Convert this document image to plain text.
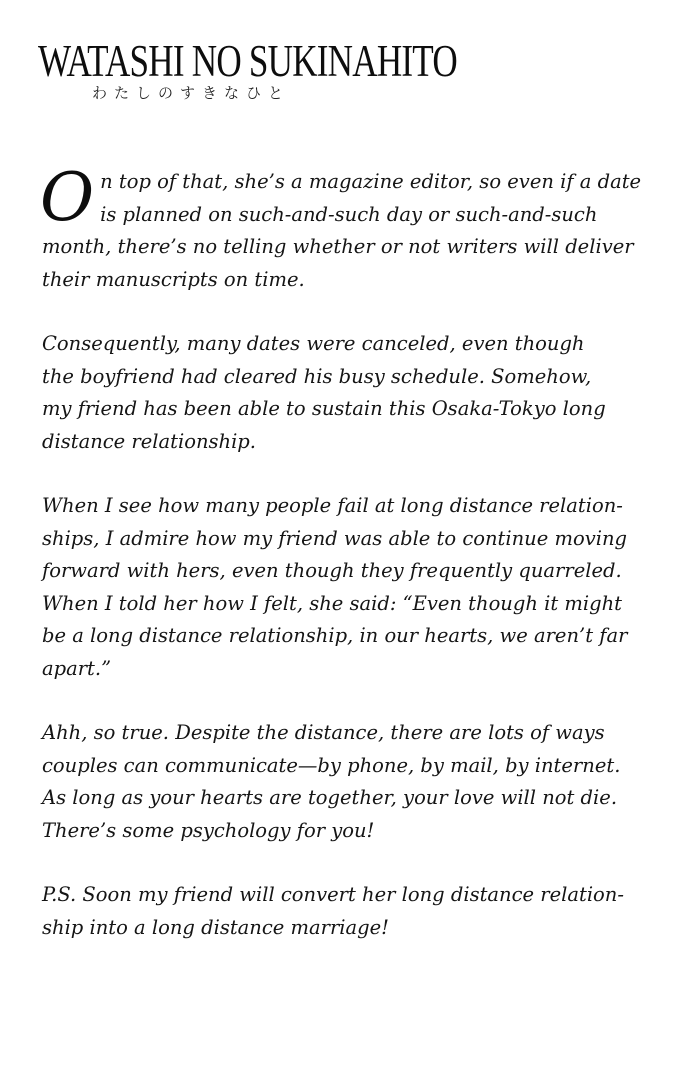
WATASHI NO SUKINAHITO
わたしのすきなひと

O n top of that, she’s a magazine editor, so even if a date
is planned on such-and-such day or such-and-such
month, there’s no telling whether or not writers will deliver
their manuscripts on time.

Consequently, many dates were canceled, even though
the boyfriend had cleared his busy schedule. Somehow,
my friend has been able to sustain this Osaka-Tokyo long
distance relationship.

When I see how many people fail at long distance relation-
ships, I admire how my friend was able to continue moving
forward with hers, even though they frequently quarreled.
When I told her how I felt, she said: “Even though it might
be a long distance relationship, in our hearts, we aren’t far
apart.”

Ahh, so true. Despite the distance, there are lots of ways
couples can communicate—by phone, by mail, by internet.
As long as your hearts are together, your love will not die.
There’s some psychology for you!

P.S. Soon my friend will convert her long distance relation-
ship into a long distance marriage!
